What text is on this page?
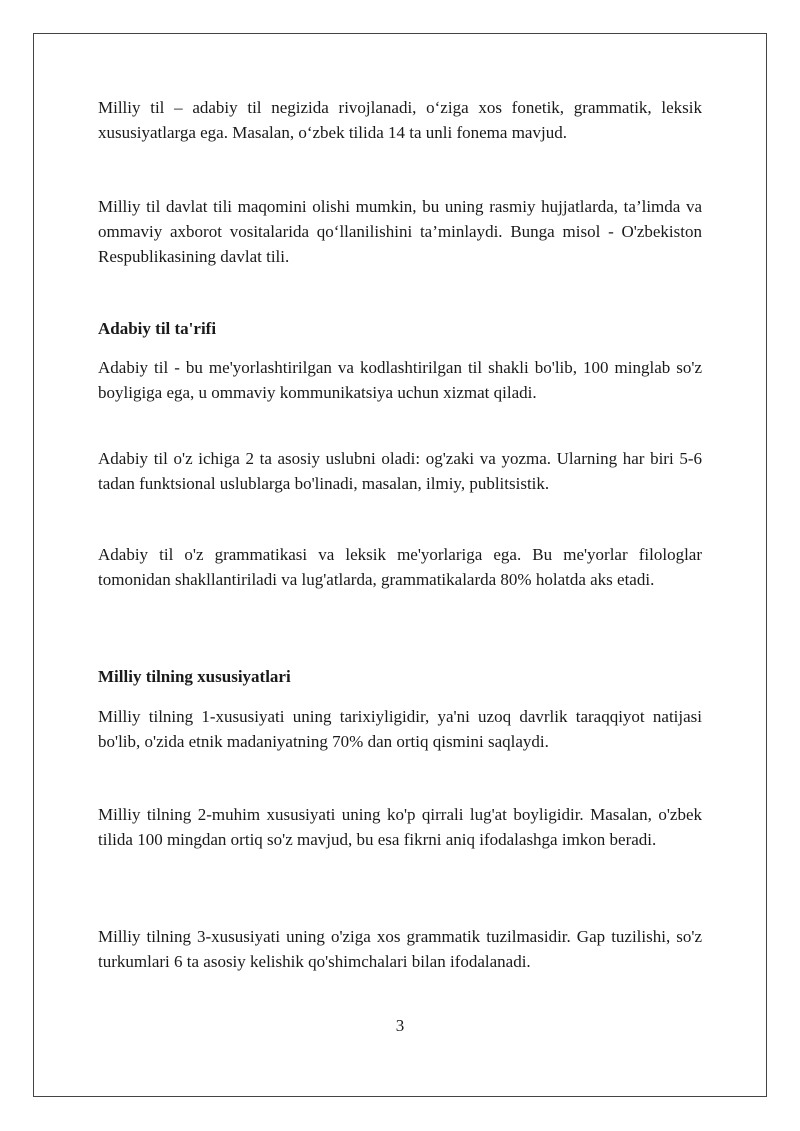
Milliy til – adabiy til negizida rivojlanadi, o‘ziga xos fonetik, grammatik, leksik xususiyatlarga ega. Masalan, o‘zbek tilida 14 ta unli fonema mavjud.

Milliy til davlat tili maqomini olishi mumkin, bu uning rasmiy hujjatlarda, ta’limda va ommaviy axborot vositalarida qo‘llanilishini ta’minlaydi. Bunga misol - O'zbekiston Respublikasining davlat tili.

Adabiy til ta'rifi

Adabiy til - bu me'yorlashtirilgan va kodlashtirilgan til shakli bo'lib, 100 minglab so'z boyligiga ega, u ommaviy kommunikatsiya uchun xizmat qiladi.

Adabiy til o'z ichiga 2 ta asosiy uslubni oladi: og'zaki va yozma. Ularning har biri 5-6 tadan funktsional uslublarga bo'linadi, masalan, ilmiy, publitsistik.

Adabiy til o'z grammatikasi va leksik me'yorlariga ega. Bu me'yorlar filologlar tomonidan shakllantiriladi va lug'atlarda, grammatikalarda 80% holatda aks etadi.

Milliy tilning xususiyatlari

Milliy tilning 1-xususiyati uning tarixiyligidir, ya'ni uzoq davrlik taraqqiyot natijasi bo'lib, o'zida etnik madaniyatning 70% dan ortiq qismini saqlaydi.

Milliy tilning 2-muhim xususiyati uning ko'p qirrali lug'at boyligidir. Masalan, o'zbek tilida 100 mingdan ortiq so'z mavjud, bu esa fikrni aniq ifodalashga imkon beradi.

Milliy tilning 3-xususiyati uning o'ziga xos grammatik tuzilmasidir. Gap tuzilishi, so'z turkumlari 6 ta asosiy kelishik qo'shimchalari bilan ifodalanadi.

3
